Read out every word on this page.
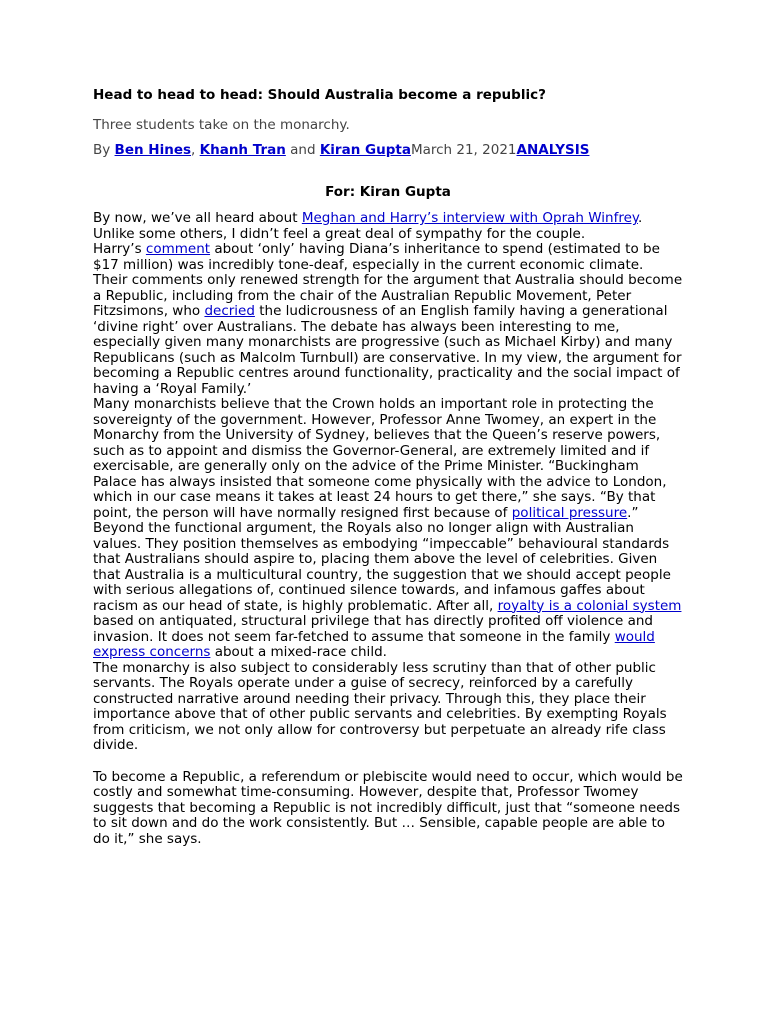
Head to head to head: Should Australia become a republic?

Three students take on the monarchy.

By Ben Hines, Khanh Tran and Kiran GuptaMarch 21, 2021ANALYSIS

For: Kiran Gupta

By now, we’ve all heard about Meghan and Harry’s interview with Oprah Winfrey. Unlike some others, I didn’t feel a great deal of sympathy for the couple.

Harry’s comment about ‘only’ having Diana’s inheritance to spend (estimated to be $17 million) was incredibly tone-deaf, especially in the current economic climate.

Their comments only renewed strength for the argument that Australia should become a Republic, including from the chair of the Australian Republic Movement, Peter Fitzsimons, who decried the ludicrousness of an English family having a generational ‘divine right’ over Australians. The debate has always been interesting to me, especially given many monarchists are progressive (such as Michael Kirby) and many Republicans (such as Malcolm Turnbull) are conservative. In my view, the argument for becoming a Republic centres around functionality, practicality and the social impact of having a ‘Royal Family.’

Many monarchists believe that the Crown holds an important role in protecting the sovereignty of the government. However, Professor Anne Twomey, an expert in the Monarchy from the University of Sydney, believes that the Queen’s reserve powers, such as to appoint and dismiss the Governor-General, are extremely limited and if exercisable, are generally only on the advice of the Prime Minister. “Buckingham Palace has always insisted that someone come physically with the advice to London, which in our case means it takes at least 24 hours to get there,” she says. “By that point, the person will have normally resigned first because of political pressure.”

Beyond the functional argument, the Royals also no longer align with Australian values. They position themselves as embodying “impeccable” behavioural standards that Australians should aspire to, placing them above the level of celebrities. Given that Australia is a multicultural country, the suggestion that we should accept people with serious allegations of, continued silence towards, and infamous gaffes about racism as our head of state, is highly problematic. After all, royalty is a colonial system based on antiquated, structural privilege that has directly profited off violence and invasion. It does not seem far-fetched to assume that someone in the family would express concerns about a mixed-race child.

The monarchy is also subject to considerably less scrutiny than that of other public servants. The Royals operate under a guise of secrecy, reinforced by a carefully constructed narrative around needing their privacy. Through this, they place their importance above that of other public servants and celebrities. By exempting Royals from criticism, we not only allow for controversy but perpetuate an already rife class divide.

To become a Republic, a referendum or plebiscite would need to occur, which would be costly and somewhat time-consuming. However, despite that, Professor Twomey suggests that becoming a Republic is not incredibly difficult, just that “someone needs to sit down and do the work consistently. But … Sensible, capable people are able to do it,” she says.
